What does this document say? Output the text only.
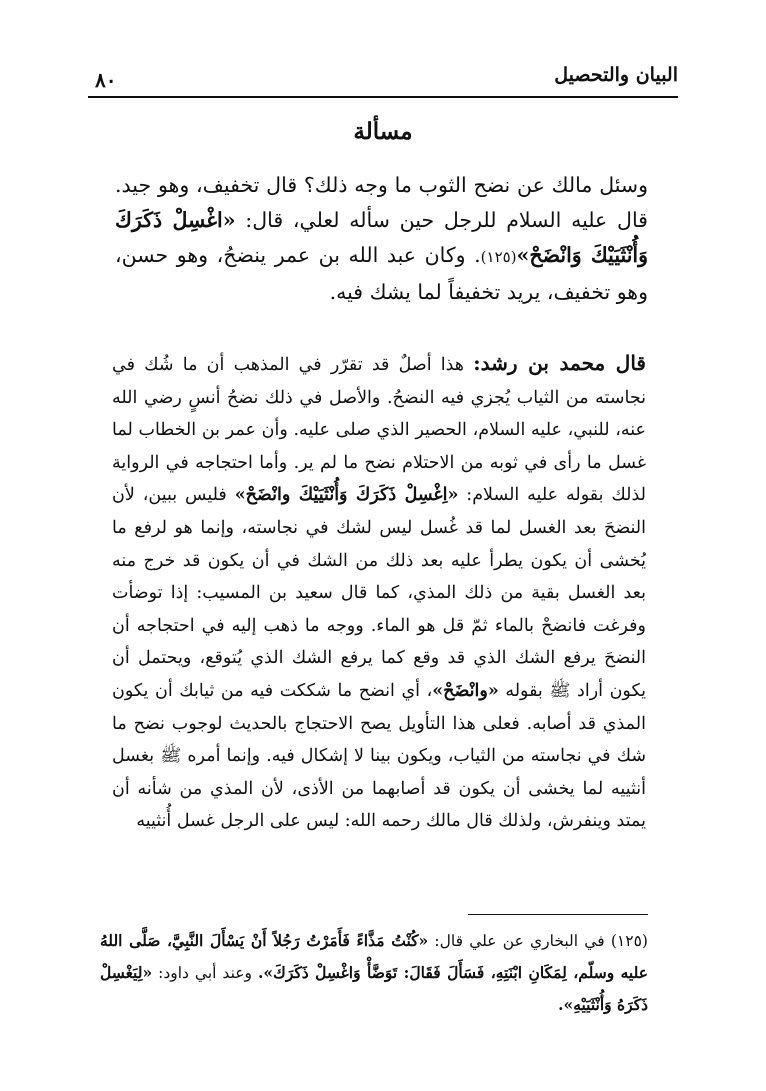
البيان والتحصيل
٨٠
مسألة

وسئل مالك عن نضح الثوب ما وجه ذلك؟ قال تخفيف، وهو جيد. قال عليه السلام للرجل حين سأله لعلي، قال: «اغْسِلْ ذَكَرَكَ وَأُنْثَيَيْكَ وَانْضَحْ»(١٢٥). وكان عبد الله بن عمر ينضحُ، وهو حسن، وهو تخفيف، يريد تخفيفاً لما يشك فيه.

قال محمد بن رشد: هذا أصلٌ قد تقرّر في المذهب أن ما شُك في نجاسته من الثياب يُجزي فيه النضحُ. والأصل في ذلك نضحُ أنسٍ رضي الله عنه، للنبي، عليه السلام، الحصير الذي صلى عليه. وأن عمر بن الخطاب لما غسل ما رأى في ثوبه من الاحتلام نضح ما لم ير. وأما احتجاجه في الرواية لذلك بقوله عليه السلام: «اِغْسِلْ ذَكَرَكَ وَأُنْثَيَيْكَ وانْضَحْ» فليس ببين، لأن النضحَ بعد الغسل لما قد غُسل ليس لشك في نجاسته، وإنما هو لرفع ما يُخشى أن يكون يطرأ عليه بعد ذلك من الشك في أن يكون قد خرج منه بعد الغسل بقية من ذلك المذي، كما قال سعيد بن المسيب: إذا توضأت وفرغت فانضحْ بالماء ثمّ قل هو الماء. ووجه ما ذهب إليه في احتجاجه أن النضحَ يرفع الشك الذي قد وقع كما يرفع الشك الذي يُتوقع، ويحتمل أن يكون أراد ﷺ بقوله «وانْضَحْ»، أي انضح ما شككت فيه من ثيابك أن يكون المذي قد أصابه. فعلى هذا التأويل يصح الاحتجاج بالحديث لوجوب نضح ما شك في نجاسته من الثياب، ويكون بينا لا إشكال فيه. وإنما أمره ﷺ بغسل أنثييه لما يخشى أن يكون قد أصابهما من الأذى، لأن المذي من شأنه أن يمتد وينفرش، ولذلك قال مالك رحمه الله: ليس على الرجل غسل أُنثييه

(١٢٥) في البخاري عن علي قال: «كُنْتُ مَذَّاءً فَأَمَرْتُ رَجُلاً أَنْ يَسْأَلَ النَّبِيَّ، صَلَّى اللهُ عليه وسلّم، لِمَكَانِ ابْنَتِهِ، فَسَأَلَ فَقَالَ: تَوَضَّأْ وَاغْسِلْ ذَكَرَكَ». وعند أبي داود: «لِيَغْسِلْ ذَكَرَهُ وَأُنْثَيَيْهِ».
